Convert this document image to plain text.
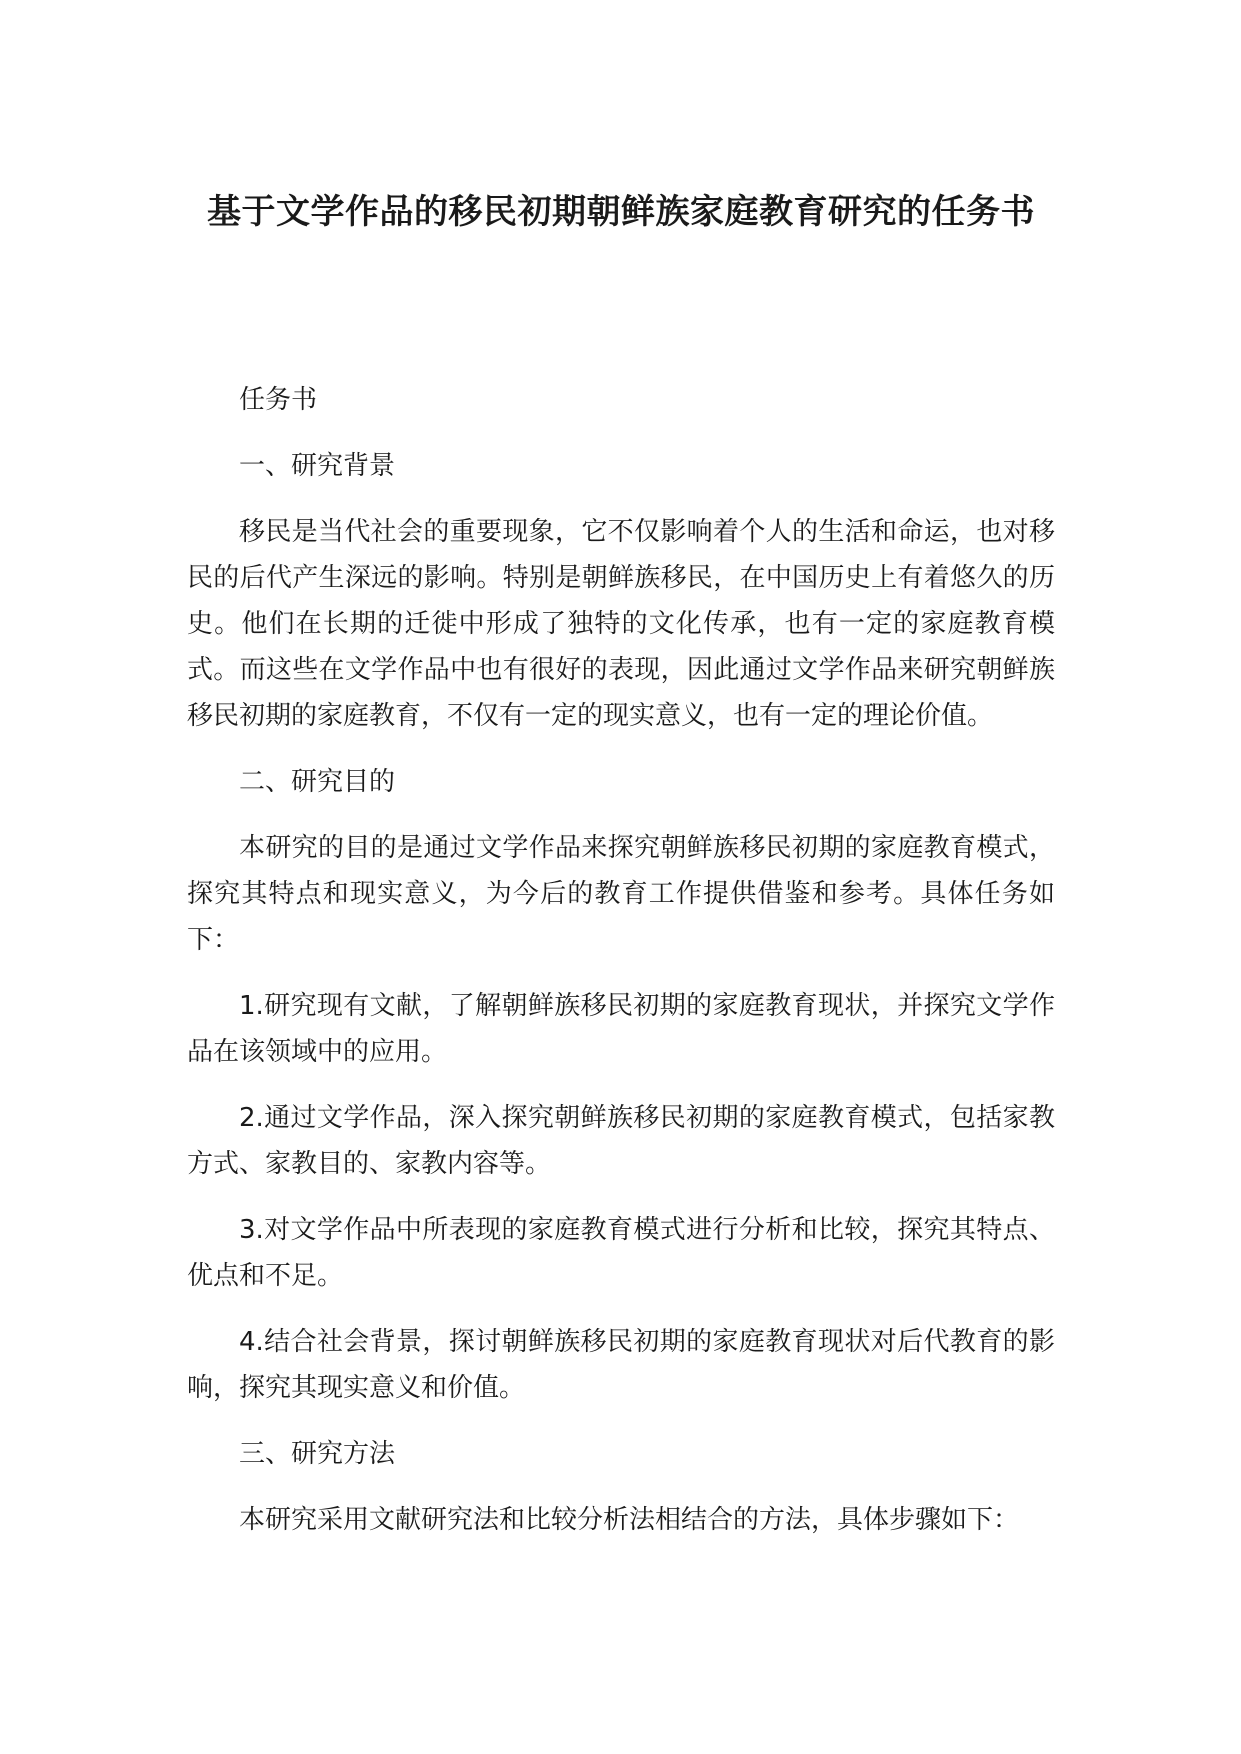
基于文学作品的移民初期朝鲜族家庭教育研究的任务书

任务书

一、研究背景

移民是当代社会的重要现象，它不仅影响着个人的生活和命运，也对移民的后代产生深远的影响。特别是朝鲜族移民，在中国历史上有着悠久的历史。他们在长期的迁徙中形成了独特的文化传承，也有一定的家庭教育模式。而这些在文学作品中也有很好的表现，因此通过文学作品来研究朝鲜族移民初期的家庭教育，不仅有一定的现实意义，也有一定的理论价值。

二、研究目的

本研究的目的是通过文学作品来探究朝鲜族移民初期的家庭教育模式，探究其特点和现实意义，为今后的教育工作提供借鉴和参考。具体任务如下：

1.研究现有文献，了解朝鲜族移民初期的家庭教育现状，并探究文学作品在该领域中的应用。

2.通过文学作品，深入探究朝鲜族移民初期的家庭教育模式，包括家教方式、家教目的、家教内容等。

3.对文学作品中所表现的家庭教育模式进行分析和比较，探究其特点、优点和不足。

4.结合社会背景，探讨朝鲜族移民初期的家庭教育现状对后代教育的影响，探究其现实意义和价值。

三、研究方法

本研究采用文献研究法和比较分析法相结合的方法，具体步骤如下：
